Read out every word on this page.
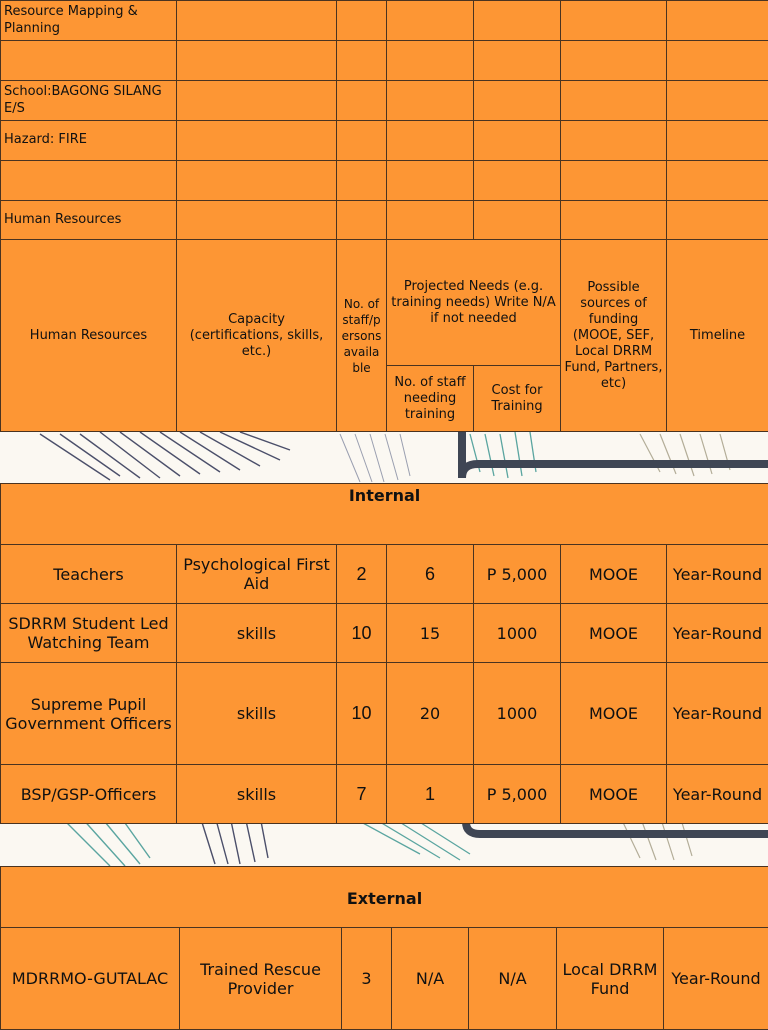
Resource Mapping & Planning						

School:BAGONG SILANG E/S						
Hazard: FIRE						

Human Resources						
Human Resources	Capacity (certifications, skills, etc.)	No. of staff/persons available	Projected Needs (e.g. training needs) Write N/A if not needed		Possible sources of funding (MOOE, SEF, Local DRRM Fund, Partners, etc)	Timeline
			No. of staff needing training	Cost for Training		
Internal						
Teachers	Psychological First Aid	2	6	P 5,000	MOOE	Year-Round
SDRRM Student Led Watching Team	skills	10	15	1000	MOOE	Year-Round
Supreme Pupil Government Officers	skills	10	20	1000	MOOE	Year-Round
BSP/GSP-Officers	skills	7	1	P 5,000	MOOE	Year-Round
External
MDRRMO-GUTALAC	Trained Rescue Provider	3	N/A	N/A	Local DRRM Fund	Year-Round
